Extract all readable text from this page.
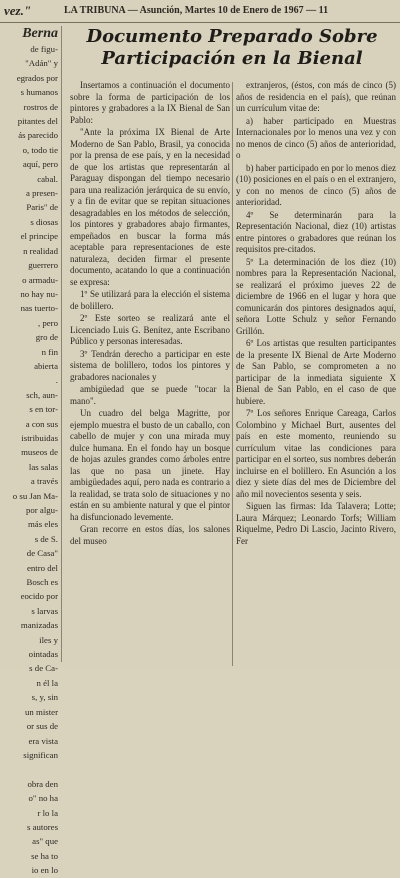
vez."	LA TRIBUNA — Asunción, Martes 10 de Enero de 1967 — 11
Berna
de figu-
"Adán" y
egrados por
s humanos
rostros de
pitantes del
ás parecido
o, todo tie
aquí, pero
cabal.
a presen-
Paris" de
s diosas
el principe
n realidad
guerrero
o armadu-
no hay nu-
nas tuerto-
, pero
gro de
n fin
abierta
.
sch, aun-
s en tor-
a con sus
istribuidas
museos de
las salas
a través
o su Jan Ma-
por algu-
más eles
s de S.
de Casa"
entro del
Bosch es
eocido por
s larvas
manizadas
iles y
ointadas
s de Ca-
n él la
s, y, sin
un mister
or sus de
era vista
significan

obra den
o" no ha
r lo la
s autores
as" que
se ha to
io en lo
Documento Preparado Sobre
Participación en la Bienal

Insertamos a continuación el documento sobre la forma de participación de los pintores y grabadores a la IX Bienal de San Pablo:

"Ante la próxima IX Bienal de Arte Moderno de San Pablo, Brasil, ya conocida por la prensa de ese país, y en la necesidad de que los artistas que representarán al Paraguay dispongan del tiempo necesario para una realización jerárquica de su envío, y a fin de evitar que se repitan situaciones desagradables en los métodos de selección, los pintores y grabadores abajo firmantes, empeñados en buscar la forma más aceptable para representaciones de este naturaleza, deciden firmar el presente documento, acatando lo que a continuación se expresa:

1º Se utilizará para la elección el sistema de bolillero.

2º Este sorteo se realizará ante el Licenciado Luis G. Benítez, ante Escribano Público y personas interesadas.

3º Tendrán derecho a participar en este sistema de bolillero, todos los pintores y grabadores nacionales y

ambigüedad que se puede "tocar la mano".

Un cuadro del belga Magritte, por ejemplo muestra el busto de un caballo, con cabello de mujer y con una mirada muy dulce humana. En el fondo hay un bosque de hojas azules grandes como árboles entre las que no pasa un jinete. Hay ambigüedades aquí, pero nada es contrario a la realidad, se trata solo de situaciones y no están en su ambiente natural y que el pintor ha disfuncionado levemente.

Gran recorre en estos días, los salones del museo

extranjeros, (éstos, con más de cinco (5) años de residencia en el país), que reúnan un currículum vitae de:

a) haber participado en Muestras Internacionales por lo menos una vez y con no menos de cinco (5) años de anterioridad, o

b) haber participado en por lo menos diez (10) posiciones en el país o en el extranjero, y con no menos de cinco (5) años de anterioridad.

4º Se determinarán para la Representación Nacional, diez (10) artistas entre pintores o grabadores que reúnan los requisitos pre-citados.

5º La determinación de los diez (10) nombres para la Representación Nacional, se realizará el próximo jueves 22 de diciembre de 1966 en el lugar y hora que comunicarán dos pintores designados aquí, señora Lotte Schulz y señor Fernando Grillón.

6º Los artistas que resulten participantes de la presente IX Bienal de Arte Moderno de San Pablo, se comprometen a no participar de la inmediata siguiente X Bienal de San Pablo, en el caso de que hubiere.

7º Los señores Enrique Careaga, Carlos Colombino y Michael Burt, ausentes del país en este momento, reuniendo su currículum vitae las condiciones para participar en el sorteo, sus nombres deberán incluirse en el bolillero. En Asunción a los diez y siete días del mes de Diciembre del año mil novecientos sesenta y seis.

Siguen las firmas: Ida Talavera; Lotte; Laura Márquez; Leonardo Torfs; William Riquelme, Pedro Di Lascio, Jacinto Rivero, Fer
